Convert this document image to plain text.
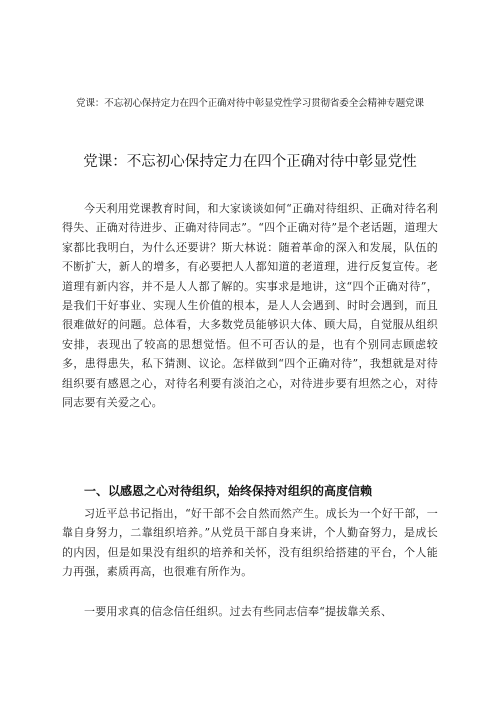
党课：不忘初心保持定力在四个正确对待中彰显党性学习贯彻省委全会精神专题党课
党课：不忘初心保持定力在四个正确对待中彰显党性

今天利用党课教育时间，和大家谈谈如何“正确对待组织、正确对待名利得失、正确对待进步、正确对待同志”。“四个正确对待”是个老话题，道理大家都比我明白，为什么还要讲？斯大林说：随着革命的深入和发展，队伍的不断扩大，新人的增多，有必要把人人都知道的老道理，进行反复宣传。老道理有新内容，并不是人人都了解的。实事求是地讲，这“四个正确对待”，是我们干好事业、实现人生价值的根本，是人人会遇到、时时会遇到，而且很难做好的问题。总体看，大多数党员能够识大体、顾大局，自觉服从组织安排，表现出了较高的思想觉悟。但不可否认的是，也有个别同志顾虑较多，患得患失，私下猜测、议论。怎样做到“四个正确对待”，我想就是对待组织要有感恩之心，对待名利要有淡泊之心，对待进步要有坦然之心，对待同志要有关爱之心。

一、以感恩之心对待组织，始终保持对组织的高度信赖

习近平总书记指出，“好干部不会自然而然产生。成长为一个好干部，一靠自身努力，二靠组织培养。”从党员干部自身来讲，个人勤奋努力，是成长的内因，但是如果没有组织的培养和关怀，没有组织给搭建的平台，个人能力再强，素质再高，也很难有所作为。

一要用求真的信念信任组织。过去有些同志信奉“提拔靠关系、
